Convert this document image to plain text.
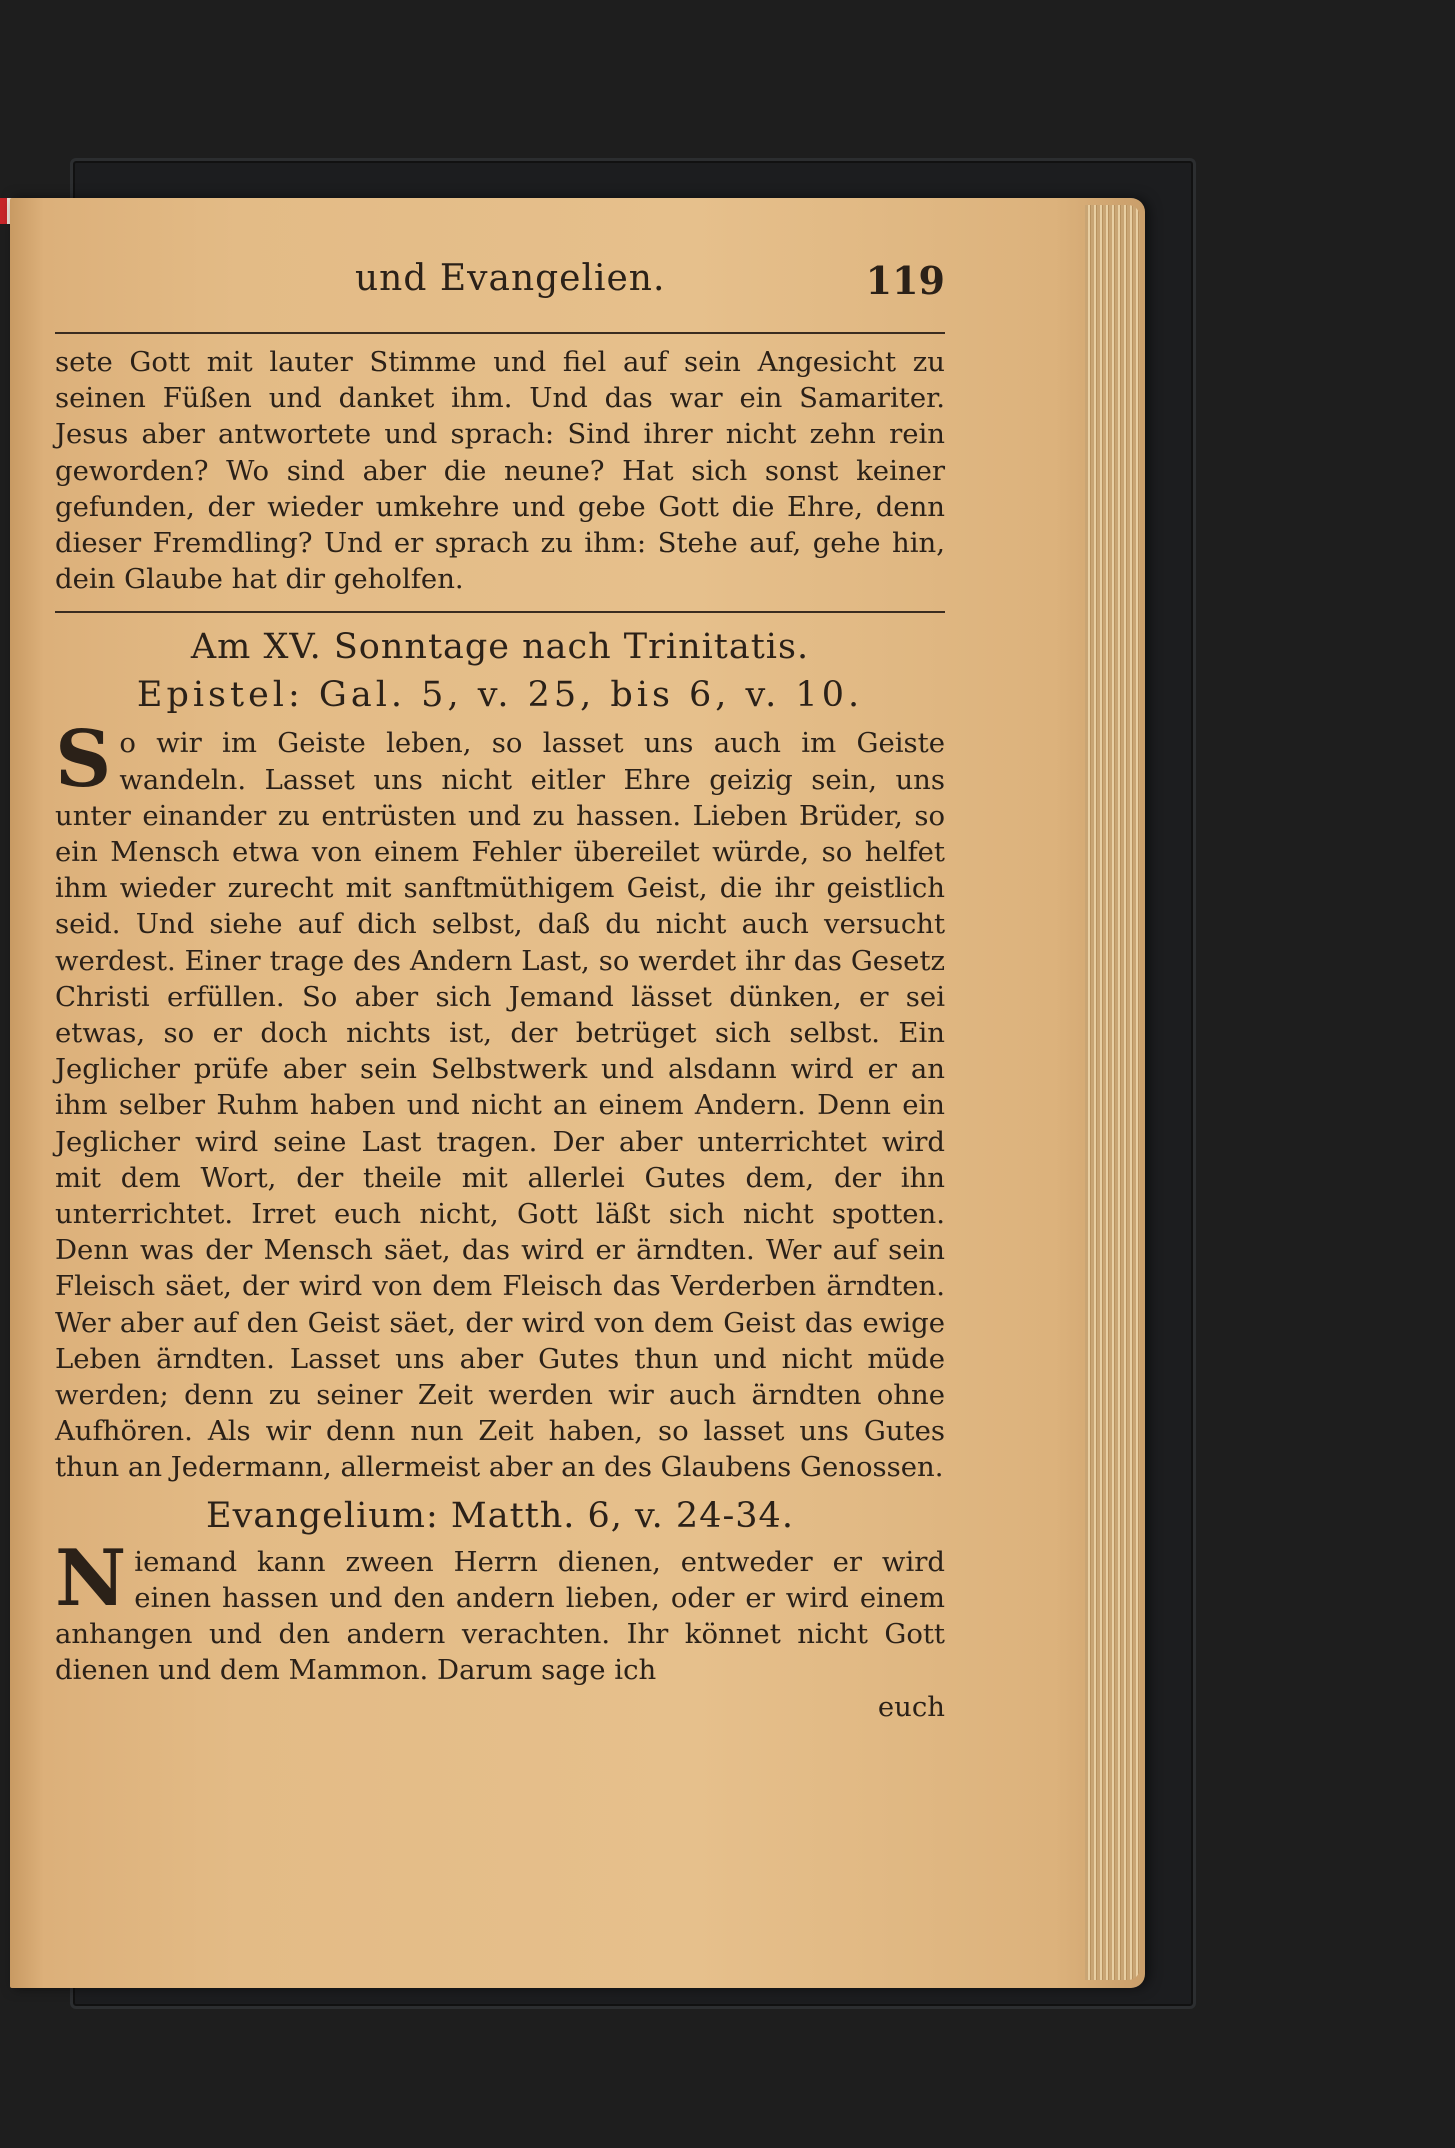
und Evangelien.	119

sete Gott mit lauter Stimme und fiel auf sein Angesicht zu seinen Füßen und danket ihm. Und das war ein Samariter. Jesus aber antwortete und sprach: Sind ihrer nicht zehn rein geworden? Wo sind aber die neune? Hat sich sonst keiner gefunden, der wieder umkehre und gebe Gott die Ehre, denn dieser Fremdling? Und er sprach zu ihm: Stehe auf, gehe hin, dein Glaube hat dir geholfen.

Am XV. Sonntage nach Trinitatis.
Epistel: Gal. 5, v. 25, bis 6, v. 10.

So wir im Geiste leben, so lasset uns auch im Geiste wandeln. Lasset uns nicht eitler Ehre geizig sein, uns unter einander zu entrüsten und zu hassen. Lieben Brüder, so ein Mensch etwa von einem Fehler übereilet würde, so helfet ihm wieder zurecht mit sanftmüthigem Geist, die ihr geistlich seid. Und siehe auf dich selbst, daß du nicht auch versucht werdest. Einer trage des Andern Last, so werdet ihr das Gesetz Christi erfüllen. So aber sich Jemand lässet dünken, er sei etwas, so er doch nichts ist, der betrüget sich selbst. Ein Jeglicher prüfe aber sein Selbstwerk und alsdann wird er an ihm selber Ruhm haben und nicht an einem Andern. Denn ein Jeglicher wird seine Last tragen. Der aber unterrichtet wird mit dem Wort, der theile mit allerlei Gutes dem, der ihn unterrichtet. Irret euch nicht, Gott läßt sich nicht spotten. Denn was der Mensch säet, das wird er ärndten. Wer auf sein Fleisch säet, der wird von dem Fleisch das Verderben ärndten. Wer aber auf den Geist säet, der wird von dem Geist das ewige Leben ärndten. Lasset uns aber Gutes thun und nicht müde werden; denn zu seiner Zeit werden wir auch ärndten ohne Aufhören. Als wir denn nun Zeit haben, so lasset uns Gutes thun an Jedermann, allermeist aber an des Glaubens Genossen.

Evangelium: Matth. 6, v. 24-34.

Niemand kann zween Herrn dienen, entweder er wird einen hassen und den andern lieben, oder er wird einem anhangen und den andern verachten. Ihr könnet nicht Gott dienen und dem Mammon. Darum sage ich

euch
